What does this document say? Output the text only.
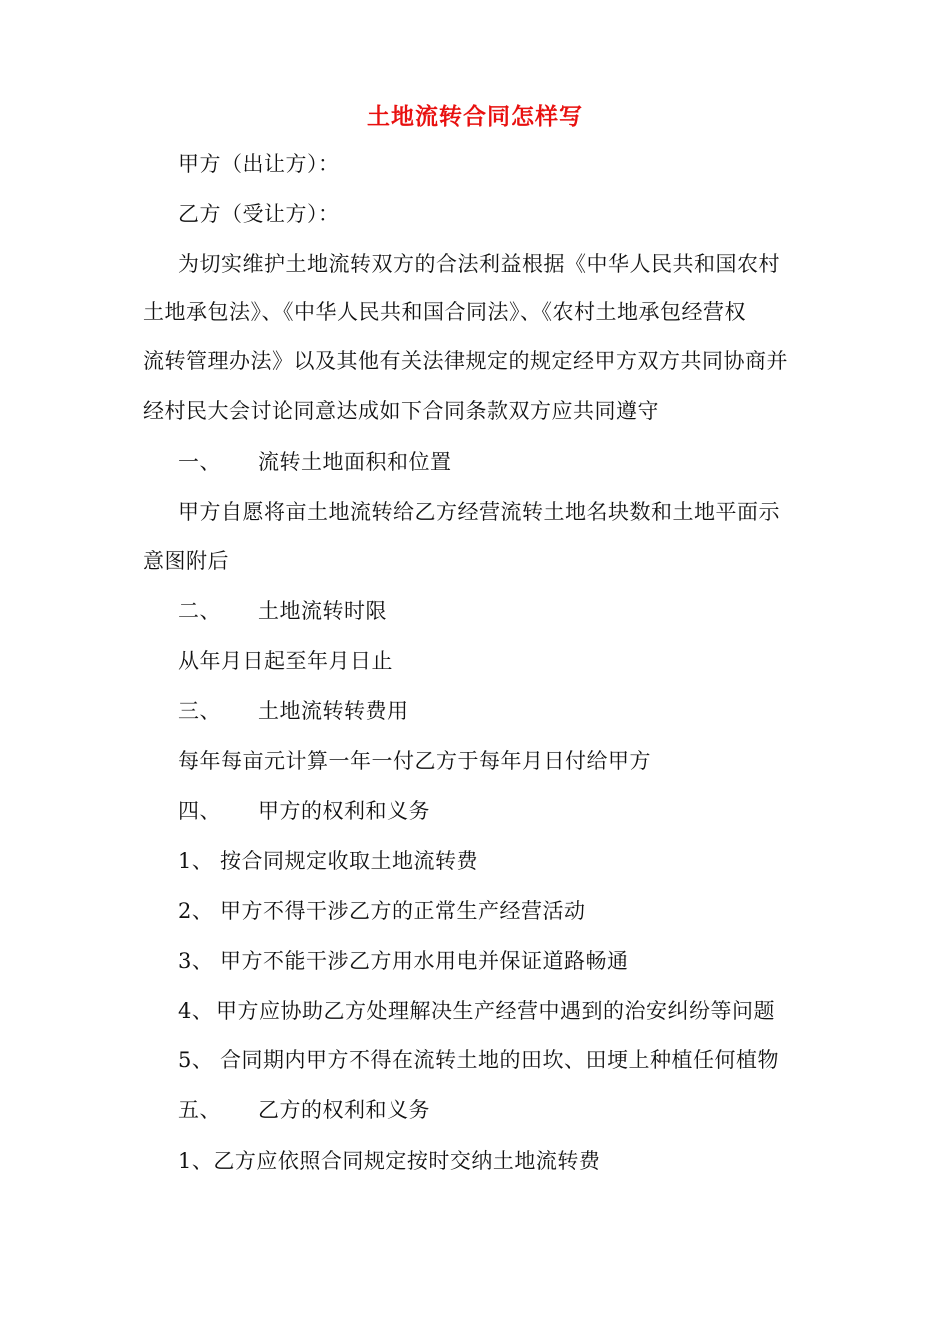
土地流转合同怎样写
甲方（出让方）：
乙方（受让方）：
为切实维护土地流转双方的合法利益根据《中华人民共和国农村
土地承包法》、《中华人民共和国合同法》、《农村土地承包经营权
流转管理办法》以及其他有关法律规定的规定经甲方双方共同协商并
经村民大会讨论同意达成如下合同条款双方应共同遵守
一、 流转土地面积和位置
甲方自愿将亩土地流转给乙方经营流转土地名块数和土地平面示
意图附后
二、 土地流转时限
从年月日起至年月日止
三、 土地流转转费用
每年每亩元计算一年一付乙方于每年月日付给甲方
四、 甲方的权利和义务
1、 按合同规定收取土地流转费
2、 甲方不得干涉乙方的正常生产经营活动
3、 甲方不能干涉乙方用水用电并保证道路畅通
4、 甲方应协助乙方处理解决生产经营中遇到的治安纠纷等问题
5、 合同期内甲方不得在流转土地的田坎、田埂上种植任何植物
五、 乙方的权利和义务
1、乙方应依照合同规定按时交纳土地流转费
